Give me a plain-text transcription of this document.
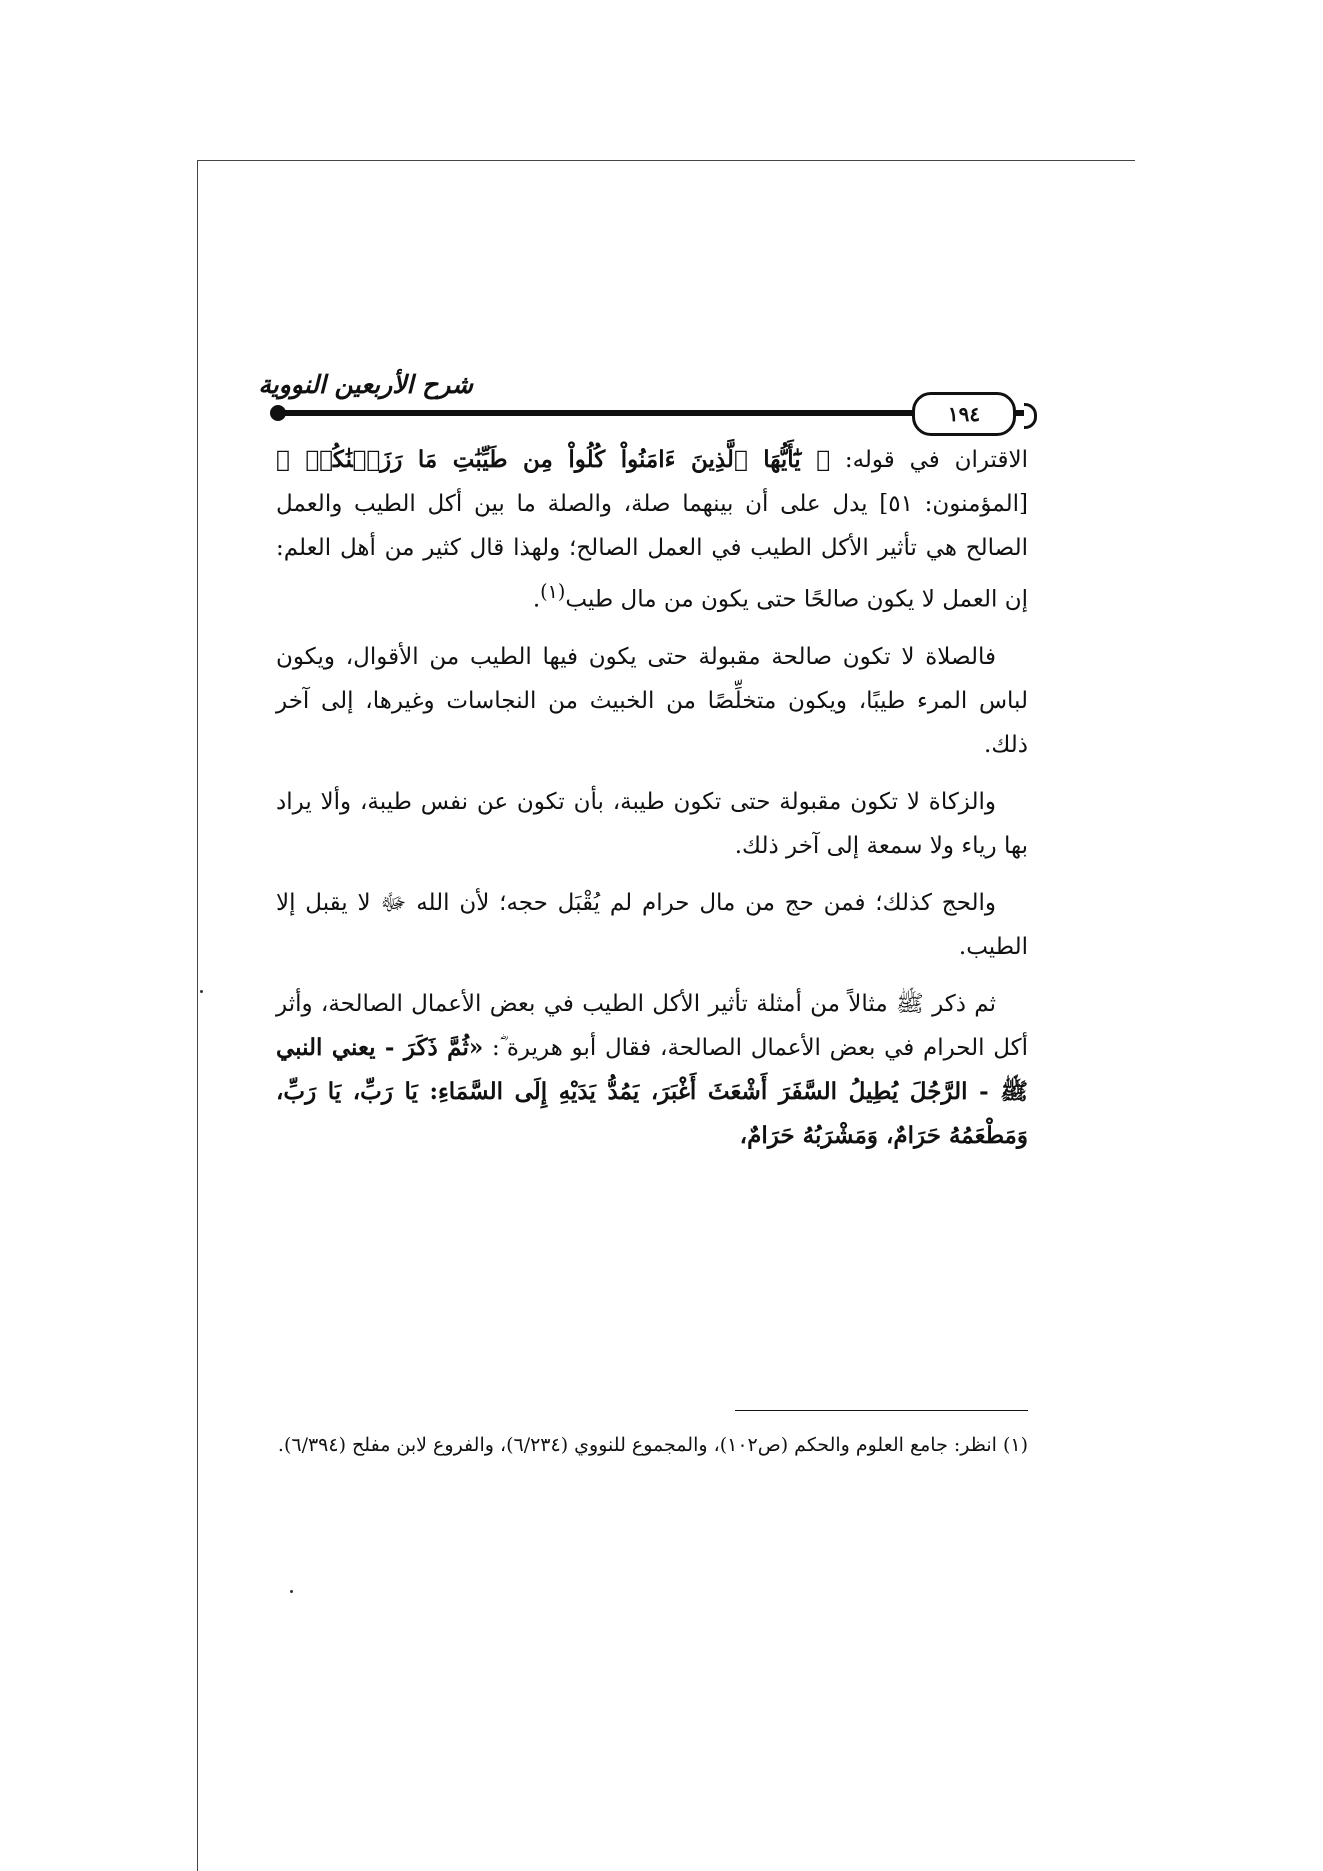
شرح الأربعين النووية
١٩٤

الاقتران في قوله: ﴿ يَٰٓأَيُّهَا ٱلَّذِينَ ءَامَنُواْ كُلُواْ مِن طَيِّبَٰتِ مَا رَزَقۡنَٰكُمۡ ﴾ [المؤمنون: ٥١] يدل على أن بينهما صلة، والصلة ما بين أكل الطيب والعمل الصالح هي تأثير الأكل الطيب في العمل الصالح؛ ولهذا قال كثير من أهل العلم: إن العمل لا يكون صالحًا حتى يكون من مال طيب$^{(١)}$.

فالصلاة لا تكون صالحة مقبولة حتى يكون فيها الطيب من الأقوال، ويكون لباس المرء طيبًا، ويكون متخلِّصًا من الخبيث من النجاسات وغيرها، إلى آخر ذلك.

والزكاة لا تكون مقبولة حتى تكون طيبة، بأن تكون عن نفس طيبة، وألا يراد بها رياء ولا سمعة إلى آخر ذلك.

والحج كذلك؛ فمن حج من مال حرام لم يُقْبَل حجه؛ لأن الله ﷻ لا يقبل إلا الطيب.

ثم ذكر ﷺ مثالاً من أمثلة تأثير الأكل الطيب في بعض الأعمال الصالحة، وأثر أكل الحرام في بعض الأعمال الصالحة، فقال أبو هريرة ؓ: «ثُمَّ ذَكَرَ - يعني النبي ﷺ - الرَّجُلَ يُطِيلُ السَّفَرَ أَشْعَثَ أَغْبَرَ، يَمُدُّ يَدَيْهِ إِلَى السَّمَاءِ: يَا رَبِّ، يَا رَبِّ، وَمَطْعَمُهُ حَرَامٌ، وَمَشْرَبُهُ حَرَامٌ،

(١) انظر: جامع العلوم والحكم (ص١٠٢)، والمجموع للنووي (٦/٢٣٤)، والفروع لابن مفلح (٦/٣٩٤).
